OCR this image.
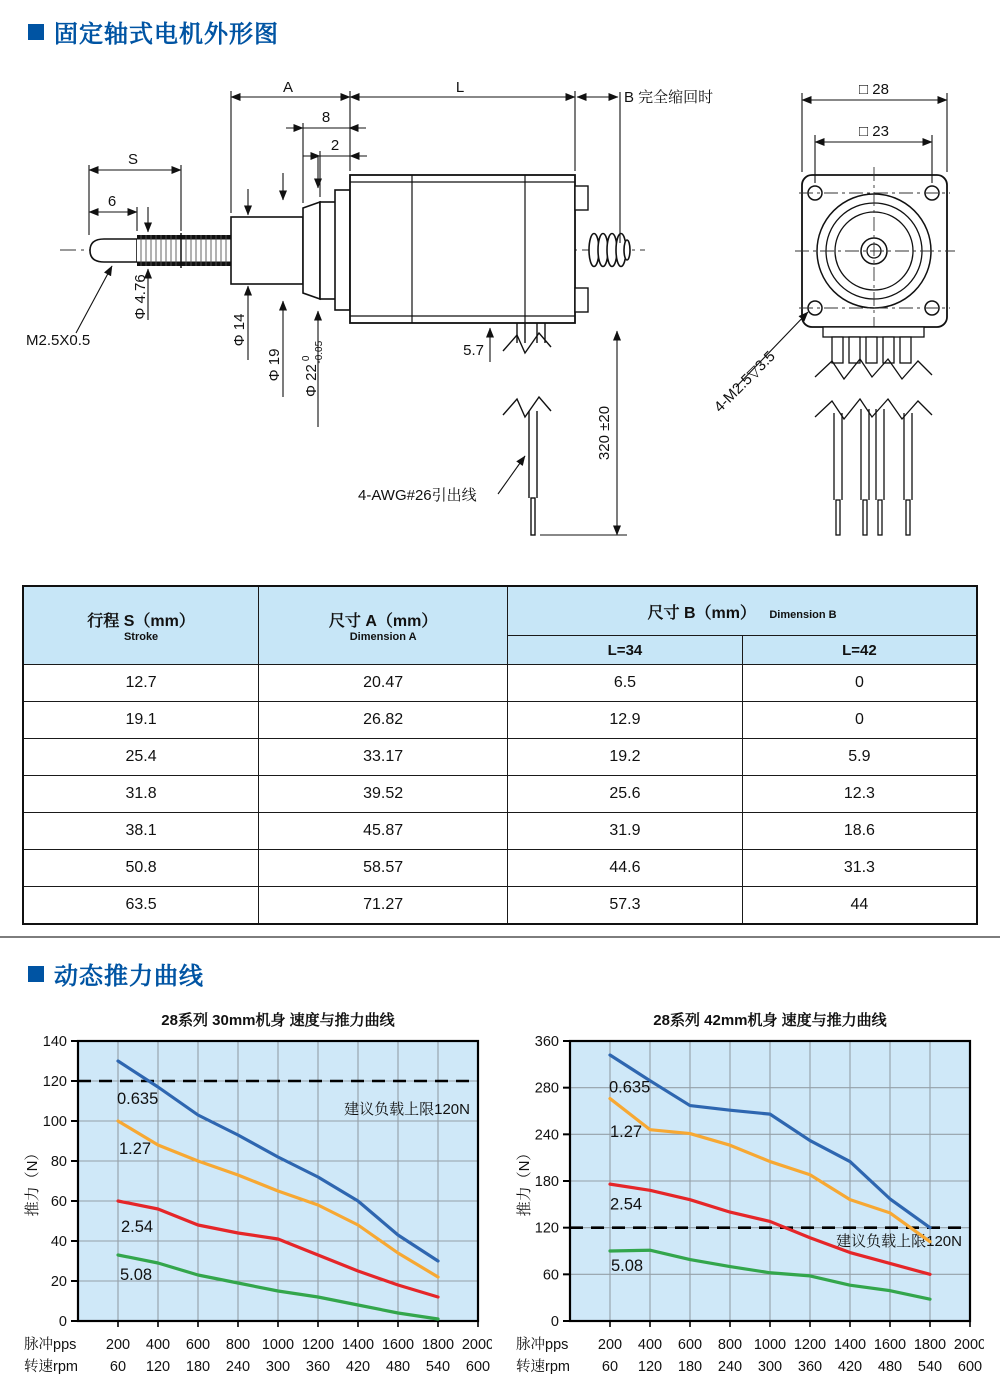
固定轴式电机外形图
A	L
B 完全缩回时
8
2
S
6
M2.5X0.5
Φ 4.76
Φ 14
Φ 19 Φ $22^0$ -0.05	5.7
320 ±20
4-AWG#26引出线
□ 28
□ 23
4-M2.5▽3.5
行程 S（mm）
Stroke

尺寸 A（mm）
Dimension A
	尺寸 B（mm） Dimension B
		L=34	L=42
12.7	20.47	6.5	0
19.1	26.82	12.9	0
25.4	33.17	19.2	5.9
31.8	39.52	25.6	12.3
38.1	45.87	31.9	18.6
50.8	58.57	44.6	31.3
63.5	71.27	57.3	44
动态推力曲线
0
20
40
60
80
100
120
140
建议负载上限120N
0.635
1.27
2.54
5.08
28系列 30mm机身 速度与推力曲线
推力（N）
脉冲pps
转速rpm
200
60
400
120
600
180
800
240
1000
300
1200
360
1400
420
1600
480
1800
540
2000
600
0
60
120
180
240
280
360
建议负载上限120N
0.635
1.27
2.54
5.08
28系列 42mm机身 速度与推力曲线
推力（N）
脉冲pps
转速rpm
200
60
400
120
600
180
800
240
1000
300
1200
360
1400
420
1600
480
1800
540
2000
600
